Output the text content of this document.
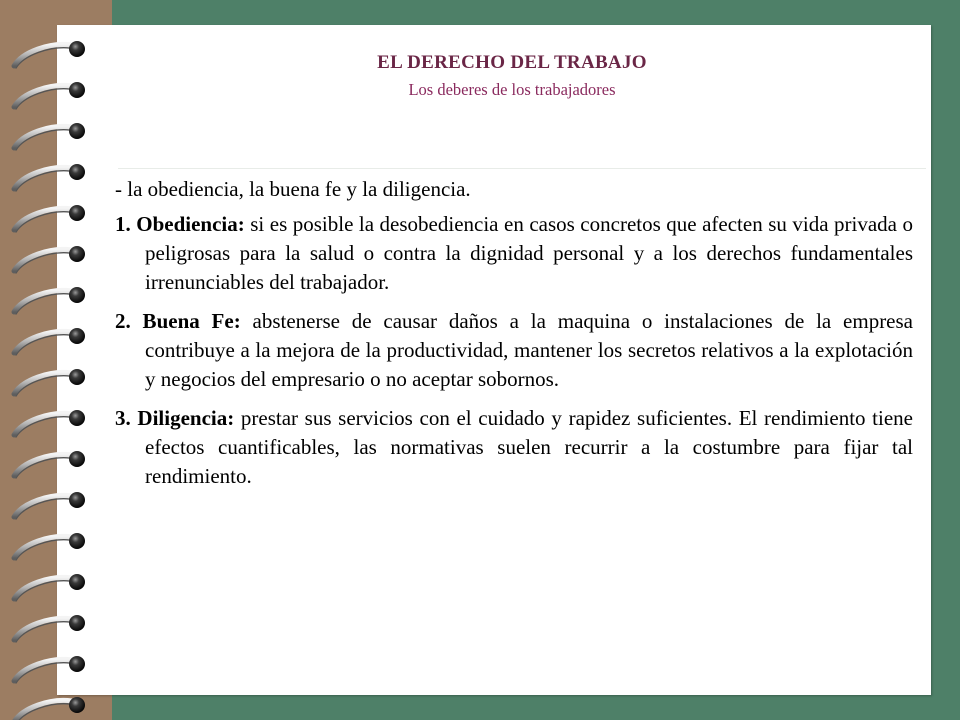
EL DERECHO DEL TRABAJO
Los deberes de los trabajadores

- la obediencia, la buena fe y la diligencia.

1. Obediencia: si es posible la desobediencia en casos concretos que afecten su vida privada o peligrosas para la salud o contra la dignidad personal y a los derechos fundamentales irrenunciables del trabajador.

2. Buena Fe: abstenerse de causar daños a la maquina o instalaciones de la empresa contribuye a la mejora de la productividad, mantener los secretos relativos a la explotación y negocios del empresario o no aceptar sobornos.

3. Diligencia: prestar sus servicios con el cuidado y rapidez suficientes. El rendimiento tiene efectos cuantificables, las normativas suelen recurrir a la costumbre para fijar tal rendimiento.
